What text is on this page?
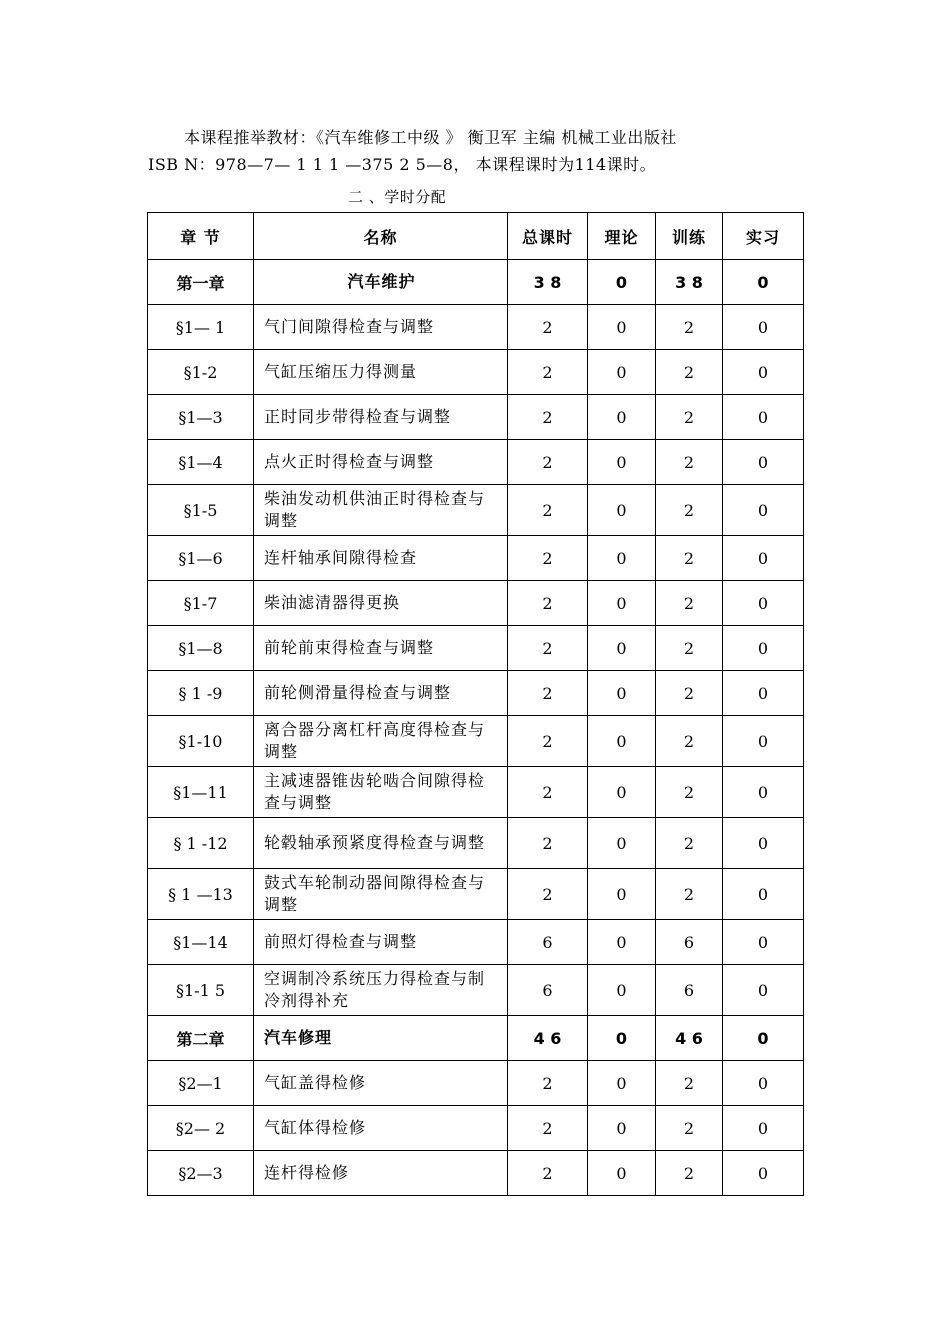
本课程推举教材：《汽车维修工中级 》 衡卫军 主编 机械工业出版社
ISB N：978—7— 1 1 1 —375 2 5—8， 本课程课时为114课时。
二 、学时分配
章 节	名称	总课时	理论	训练	实习
第一章	汽车维护	3 8	0	3 8	0
§1— 1	气门间隙得检查与调整	2	0	2	0
§1-2	气缸压缩压力得测量	2	0	2	0
§1—3	正时同步带得检查与调整	2	0	2	0
§1—4	点火正时得检查与调整	2	0	2	0
§1-5	柴油发动机供油正时得检查与调整	2	0	2	0
§1—6	连杆轴承间隙得检查	2	0	2	0
§1-7	柴油滤清器得更换	2	0	2	0
§1—8	前轮前束得检查与调整	2	0	2	0
§ 1 -9	前轮侧滑量得检查与调整	2	0	2	0
§1-10	离合器分离杠杆高度得检查与调整	2	0	2	0
§1—11	主减速器锥齿轮啮合间隙得检查与调整	2	0	2	0
§ 1 -12	轮毂轴承预紧度得检查与调整	2	0	2	0
§ 1 —13	鼓式车轮制动器间隙得检查与调整	2	0	2	0
§1—14	前照灯得检查与调整	6	0	6	0
§1-1 5	空调制冷系统压力得检查与制冷剂得补充	6	0	6	0
第二章	汽车修理	4 6	0	4 6	0
§2—1	气缸盖得检修	2	0	2	0
§2— 2	气缸体得检修	2	0	2	0
§2—3	连杆得检修	2	0	2	0
